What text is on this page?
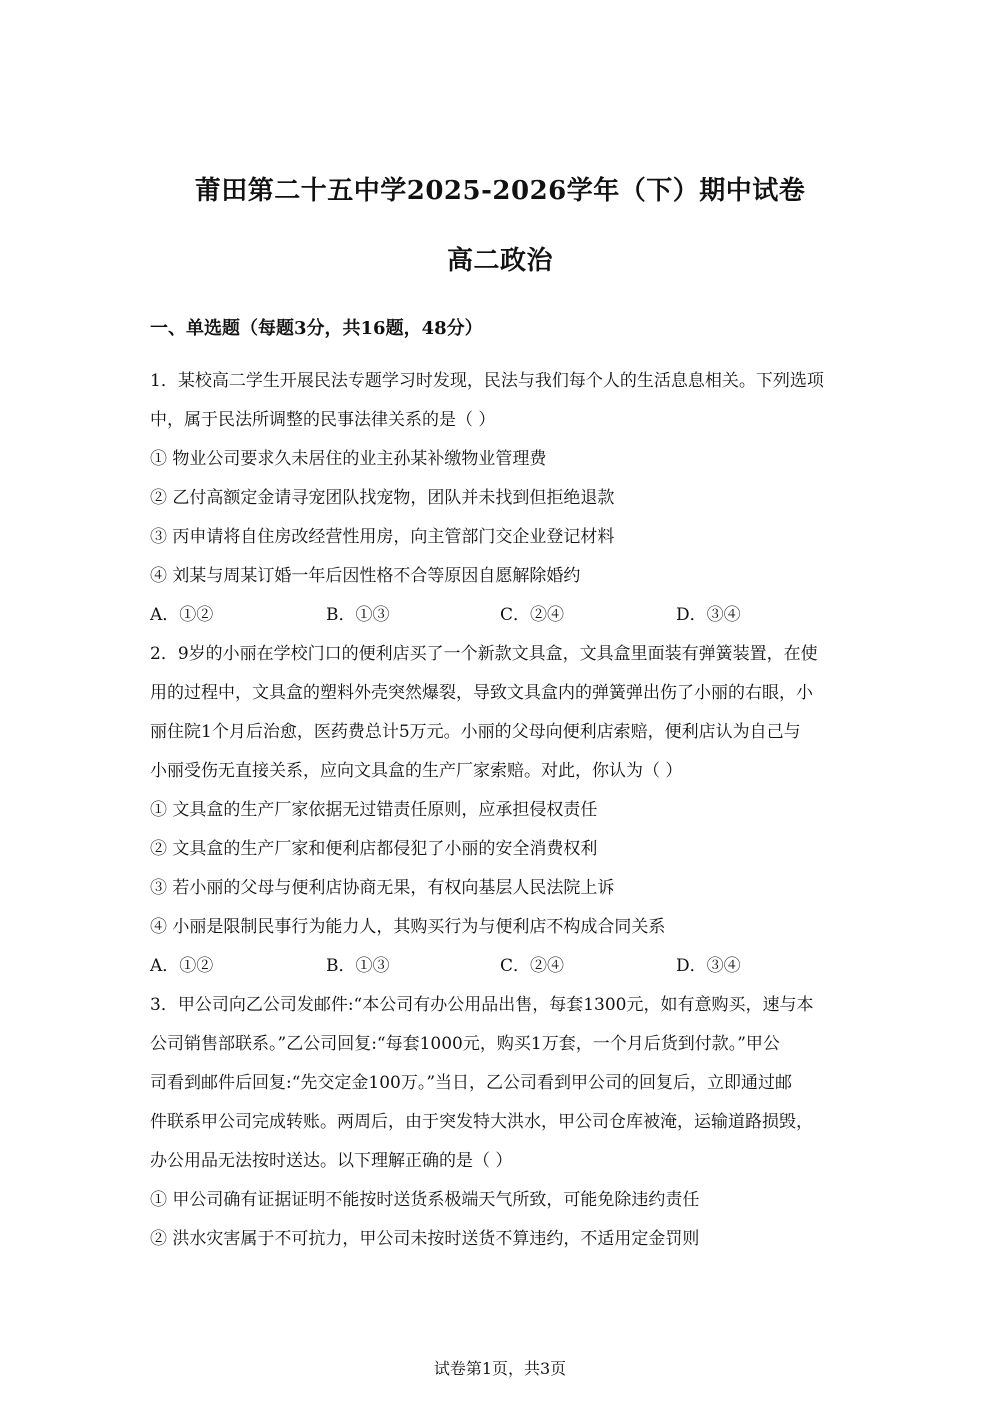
莆田第二十五中学2025-2026学年（下）期中试卷
高二政治
一、单选题（每题3分，共16题，48分）
1．某校高二学生开展民法专题学习时发现，民法与我们每个人的生活息息相关。下列选项
中，属于民法所调整的民事法律关系的是（ ）
① 物业公司要求久未居住的业主孙某补缴物业管理费
② 乙付高额定金请寻宠团队找宠物，团队并未找到但拒绝退款
③ 丙申请将自住房改经营性用房，向主管部门交企业登记材料
④ 刘某与周某订婚一年后因性格不合等原因自愿解除婚约
A．①②	B．①③	C．②④	D．③④
2．9岁的小丽在学校门口的便利店买了一个新款文具盒，文具盒里面装有弹簧装置，在使
用的过程中，文具盒的塑料外壳突然爆裂，导致文具盒内的弹簧弹出伤了小丽的右眼，小
丽住院1个月后治愈，医药费总计5万元。小丽的父母向便利店索赔，便利店认为自己与
小丽受伤无直接关系，应向文具盒的生产厂家索赔。对此，你认为（ ）
① 文具盒的生产厂家依据无过错责任原则，应承担侵权责任
② 文具盒的生产厂家和便利店都侵犯了小丽的安全消费权利
③ 若小丽的父母与便利店协商无果，有权向基层人民法院上诉
④ 小丽是限制民事行为能力人，其购买行为与便利店不构成合同关系
A．①②	B．①③	C．②④	D．③④
3．甲公司向乙公司发邮件:“本公司有办公用品出售，每套1300元，如有意购买，速与本
公司销售部联系。”乙公司回复:“每套1000元，购买1万套，一个月后货到付款。”甲公
司看到邮件后回复:“先交定金100万。”当日，乙公司看到甲公司的回复后，立即通过邮
件联系甲公司完成转账。两周后，由于突发特大洪水，甲公司仓库被淹，运输道路损毁，
办公用品无法按时送达。以下理解正确的是（ ）
① 甲公司确有证据证明不能按时送货系极端天气所致，可能免除违约责任
② 洪水灾害属于不可抗力，甲公司未按时送货不算违约，不适用定金罚则
试卷第1页，共3页
